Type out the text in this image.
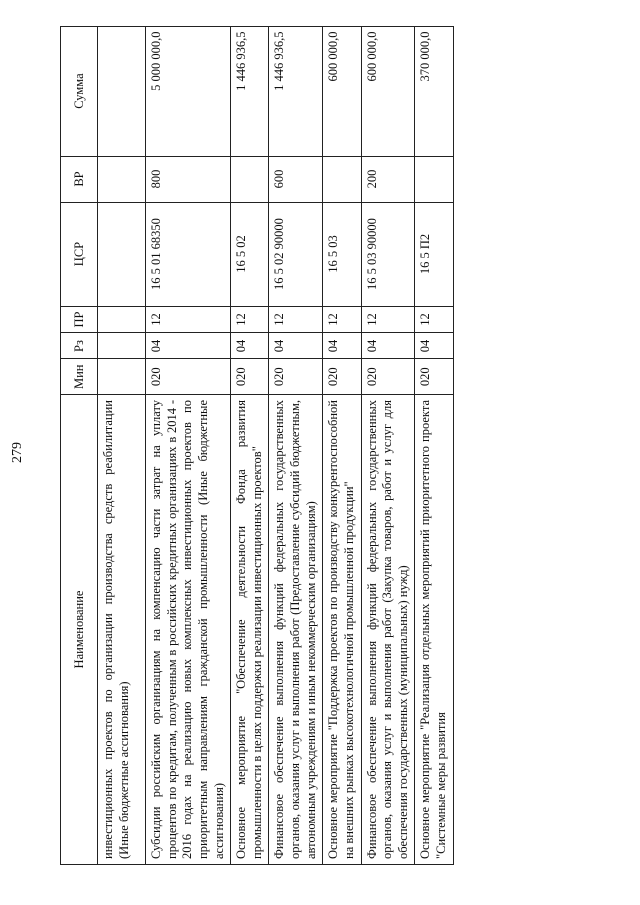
279
Наименование	Мин	Рз	ПР	ЦСР	ВР	Сумма
инвестиционных проектов по организации производства средств реабилитации (Иные бюджетные ассигнования)						
Субсидии российским организациям на компенсацию части затрат на уплату процентов по кредитам, полученным в российских кредитных организациях в 2014 - 2016 годах на реализацию новых комплексных инвестиционных проектов по приоритетным направлениям гражданской промышленности (Иные бюджетные ассигнования)	020	04	12	16 5 01 68350	800	5 000 000,0
Основное мероприятие "Обеспечение деятельности Фонда развития промышленности в целях поддержки реализации инвестиционных проектов"	020	04	12	16 5 02		1 446 936,5
Финансовое обеспечение выполнения функций федеральных государственных органов, оказания услуг и выполнения работ (Предоставление субсидий бюджетным, автономным учреждениям и иным некоммерческим организациям)	020	04	12	16 5 02 90000	600	1 446 936,5
Основное мероприятие "Поддержка проектов по производству конкурентоспособной на внешних рынках высокотехнологичной промышленной продукции"	020	04	12	16 5 03		600 000,0
Финансовое обеспечение выполнения функций федеральных государственных органов, оказания услуг и выполнения работ (Закупка товаров, работ и услуг для обеспечения государственных (муниципальных) нужд)	020	04	12	16 5 03 90000	200	600 000,0
Основное мероприятие "Реализация отдельных мероприятий приоритетного проекта "Системные меры развития	020	04	12	16 5 П2		370 000,0
